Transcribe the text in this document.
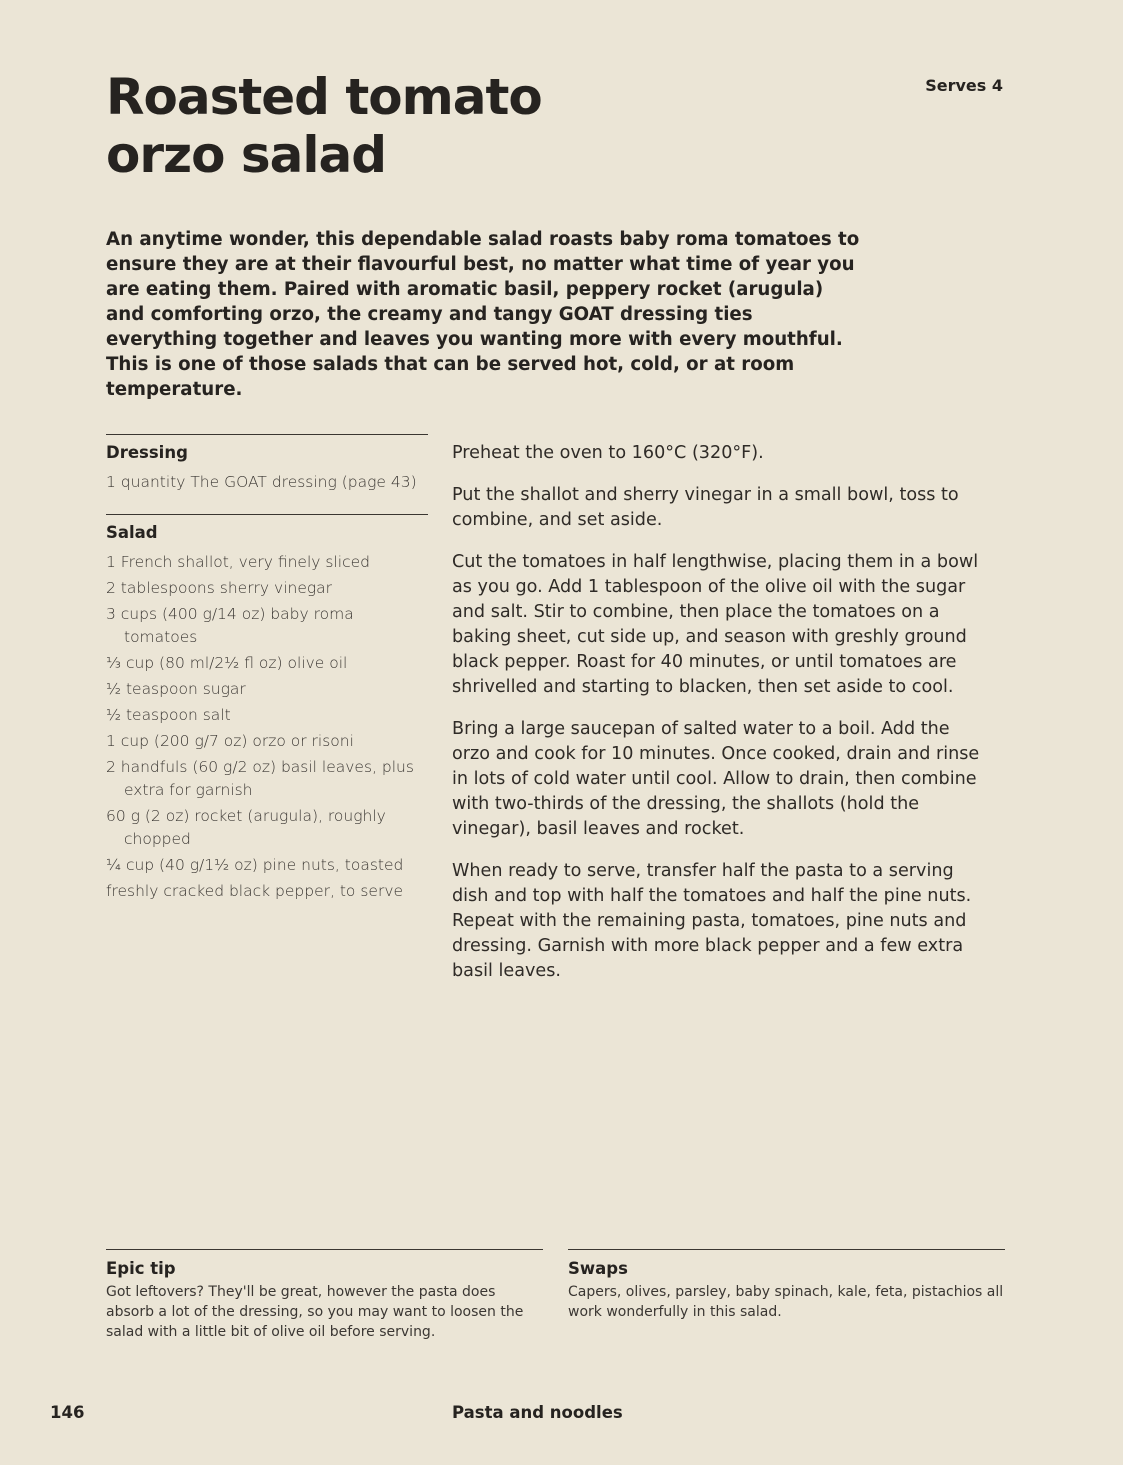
Roasted tomato
orzo salad
Serves 4

An anytime wonder, this dependable salad roasts baby roma tomatoes to ensure they are at their flavourful best, no matter what time of year you are eating them. Paired with aromatic basil, peppery rocket (arugula) and comforting orzo, the creamy and tangy GOAT dressing ties everything together and leaves you wanting more with every mouthful. This is one of those salads that can be served hot, cold, or at room temperature.

Dressing
1 quantity The GOAT dressing (page 43)
Salad
1 French shallot, very finely sliced
2 tablespoons sherry vinegar
3 cups (400 g/14 oz) baby roma tomatoes
⅓ cup (80 ml/2½ fl oz) olive oil
½ teaspoon sugar
½ teaspoon salt
1 cup (200 g/7 oz) orzo or risoni
2 handfuls (60 g/2 oz) basil leaves, plus extra for garnish
60 g (2 oz) rocket (arugula), roughly chopped
¼ cup (40 g/1½ oz) pine nuts, toasted
freshly cracked black pepper, to serve

Preheat the oven to 160°C (320°F).

Put the shallot and sherry vinegar in a small bowl, toss to combine, and set aside.

Cut the tomatoes in half lengthwise, placing them in a bowl as you go. Add 1 tablespoon of the olive oil with the sugar and salt. Stir to combine, then place the tomatoes on a baking sheet, cut side up, and season with greshly ground black pepper. Roast for 40 minutes, or until tomatoes are shrivelled and starting to blacken, then set aside to cool.

Bring a large saucepan of salted water to a boil. Add the orzo and cook for 10 minutes. Once cooked, drain and rinse in lots of cold water until cool. Allow to drain, then combine with two-thirds of the dressing, the shallots (hold the vinegar), basil leaves and rocket.

When ready to serve, transfer half the pasta to a serving dish and top with half the tomatoes and half the pine nuts. Repeat with the remaining pasta, tomatoes, pine nuts and dressing. Garnish with more black pepper and a few extra basil leaves.

Epic tip

Got leftovers? They'll be great, however the pasta does absorb a lot of the dressing, so you may want to loosen the salad with a little bit of olive oil before serving.

Swaps

Capers, olives, parsley, baby spinach, kale, feta, pistachios all work wonderfully in this salad.

146	Pasta and noodles
